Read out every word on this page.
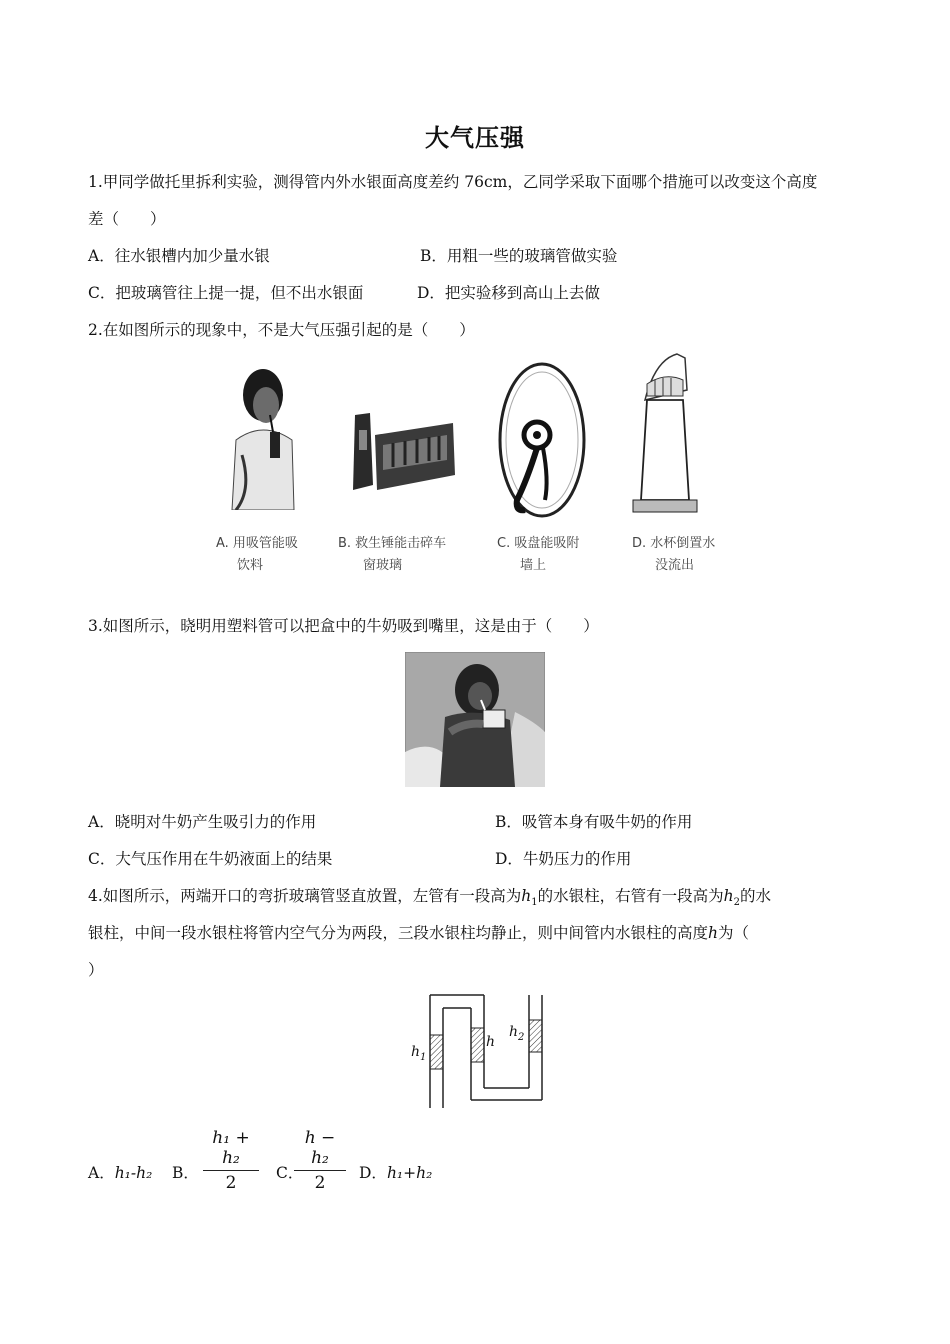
大气压强
1.甲同学做托里拆利实验，测得管内外水银面高度差约 76cm，乙同学采取下面哪个措施可以改变这个高度
差（　　）
A．往水银槽内加少量水银	B．用粗一些的玻璃管做实验
C．把玻璃管往上提一提，但不出水银面	D．把实验移到高山上去做
2.在如图所示的现象中，不是大气压强引起的是（　　）
A. 用吸管能吸
饮料
B. 救生锤能击碎车
窗玻璃
C. 吸盘能吸附
墙上
D. 水杯倒置水
没流出
3.如图所示，晓明用塑料管可以把盒中的牛奶吸到嘴里，这是由于（　　）
A．晓明对牛奶产生吸引力的作用	B．吸管本身有吸牛奶的作用
C．大气压作用在牛奶液面上的结果	D．牛奶压力的作用
4.如图所示，两端开口的弯折玻璃管竖直放置，左管有一段高为$h_1$的水银柱，右管有一段高为$h_2$的水
银柱，中间一段水银柱将管内空气分为两段，三段水银柱均静止，则中间管内水银柱的高度h为（
）
$h_1$
h
$h_2$
A．h₁-h₂ B． $\frac{\text{h₁ + h₂}}{2}$ C．
$\frac{\text{h − h₂}}{2}$ D．h₁+h₂
